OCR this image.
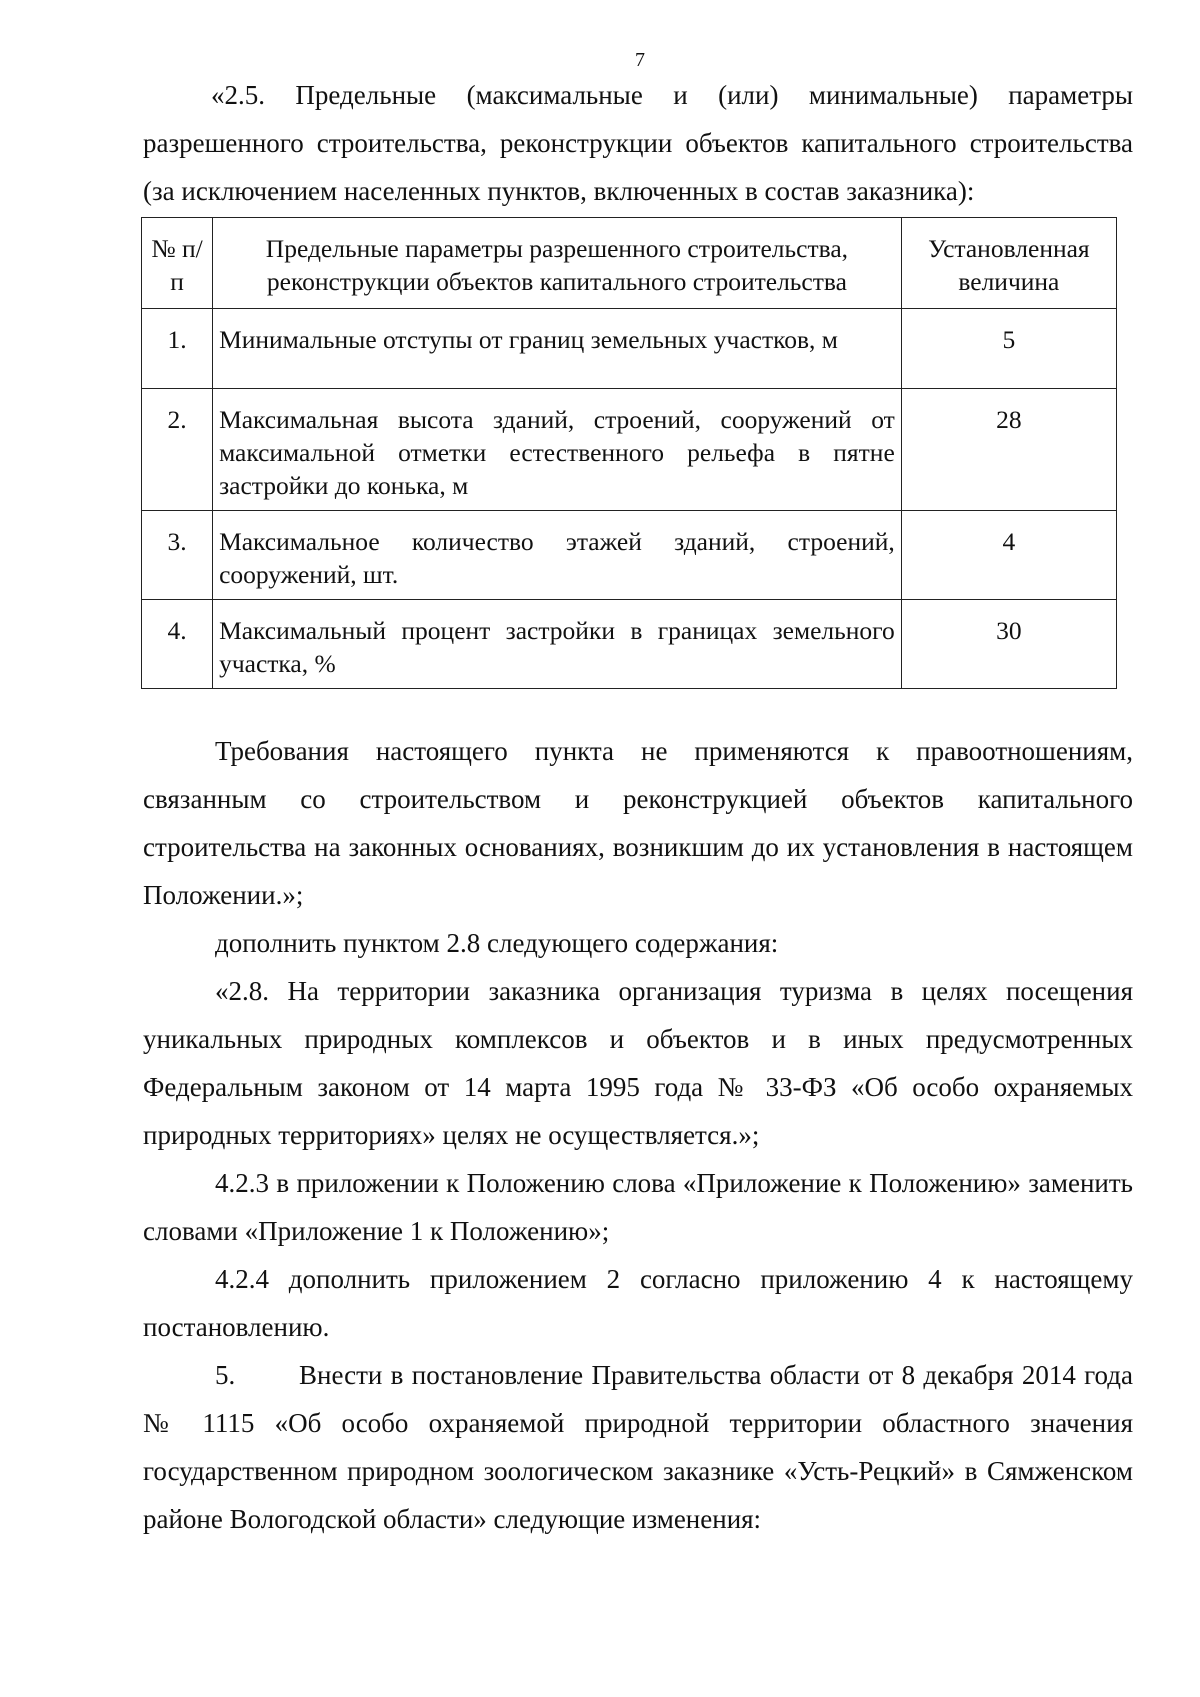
7

«2.5. Предельные (максимальные и (или) минимальные) параметры разрешенного строительства, реконструкции объектов капитального строительства (за исключением населенных пунктов, включенных в состав заказника):

№ п/п	Предельные параметры разрешенного строительства, реконструкции объектов капитального строительства	Установленная величина
1.	Минимальные отступы от границ земельных участков, м	5
2.	Максимальная высота зданий, строений, сооружений от максимальной отметки естественного рельефа в пятне застройки до конька, м	28
3.	Максимальное количество этажей зданий, строений, сооружений, шт.	4
4.	Максимальный процент застройки в границах земельного участка, %	30

Требования настоящего пункта не применяются к правоотношениям, связанным со строительством и реконструкцией объектов капитального строительства на законных основаниях, возникшим до их установления в настоящем Положении.»;

дополнить пунктом 2.8 следующего содержания:

«2.8. На территории заказника организация туризма в целях посещения уникальных природных комплексов и объектов и в иных предусмотренных Федеральным законом от 14 марта 1995 года № 33-ФЗ «Об особо охраняемых природных территориях» целях не осуществляется.»;

4.2.3 в приложении к Положению слова «Приложение к Положению» заменить словами «Приложение 1 к Положению»;

4.2.4 дополнить приложением 2 согласно приложению 4 к настоящему постановлению.

5. Внести в постановление Правительства области от 8 декабря 2014 года № 1115 «Об особо охраняемой природной территории областного значения государственном природном зоологическом заказнике «Усть-Рецкий» в Сямженском районе Вологодской области» следующие изменения:
